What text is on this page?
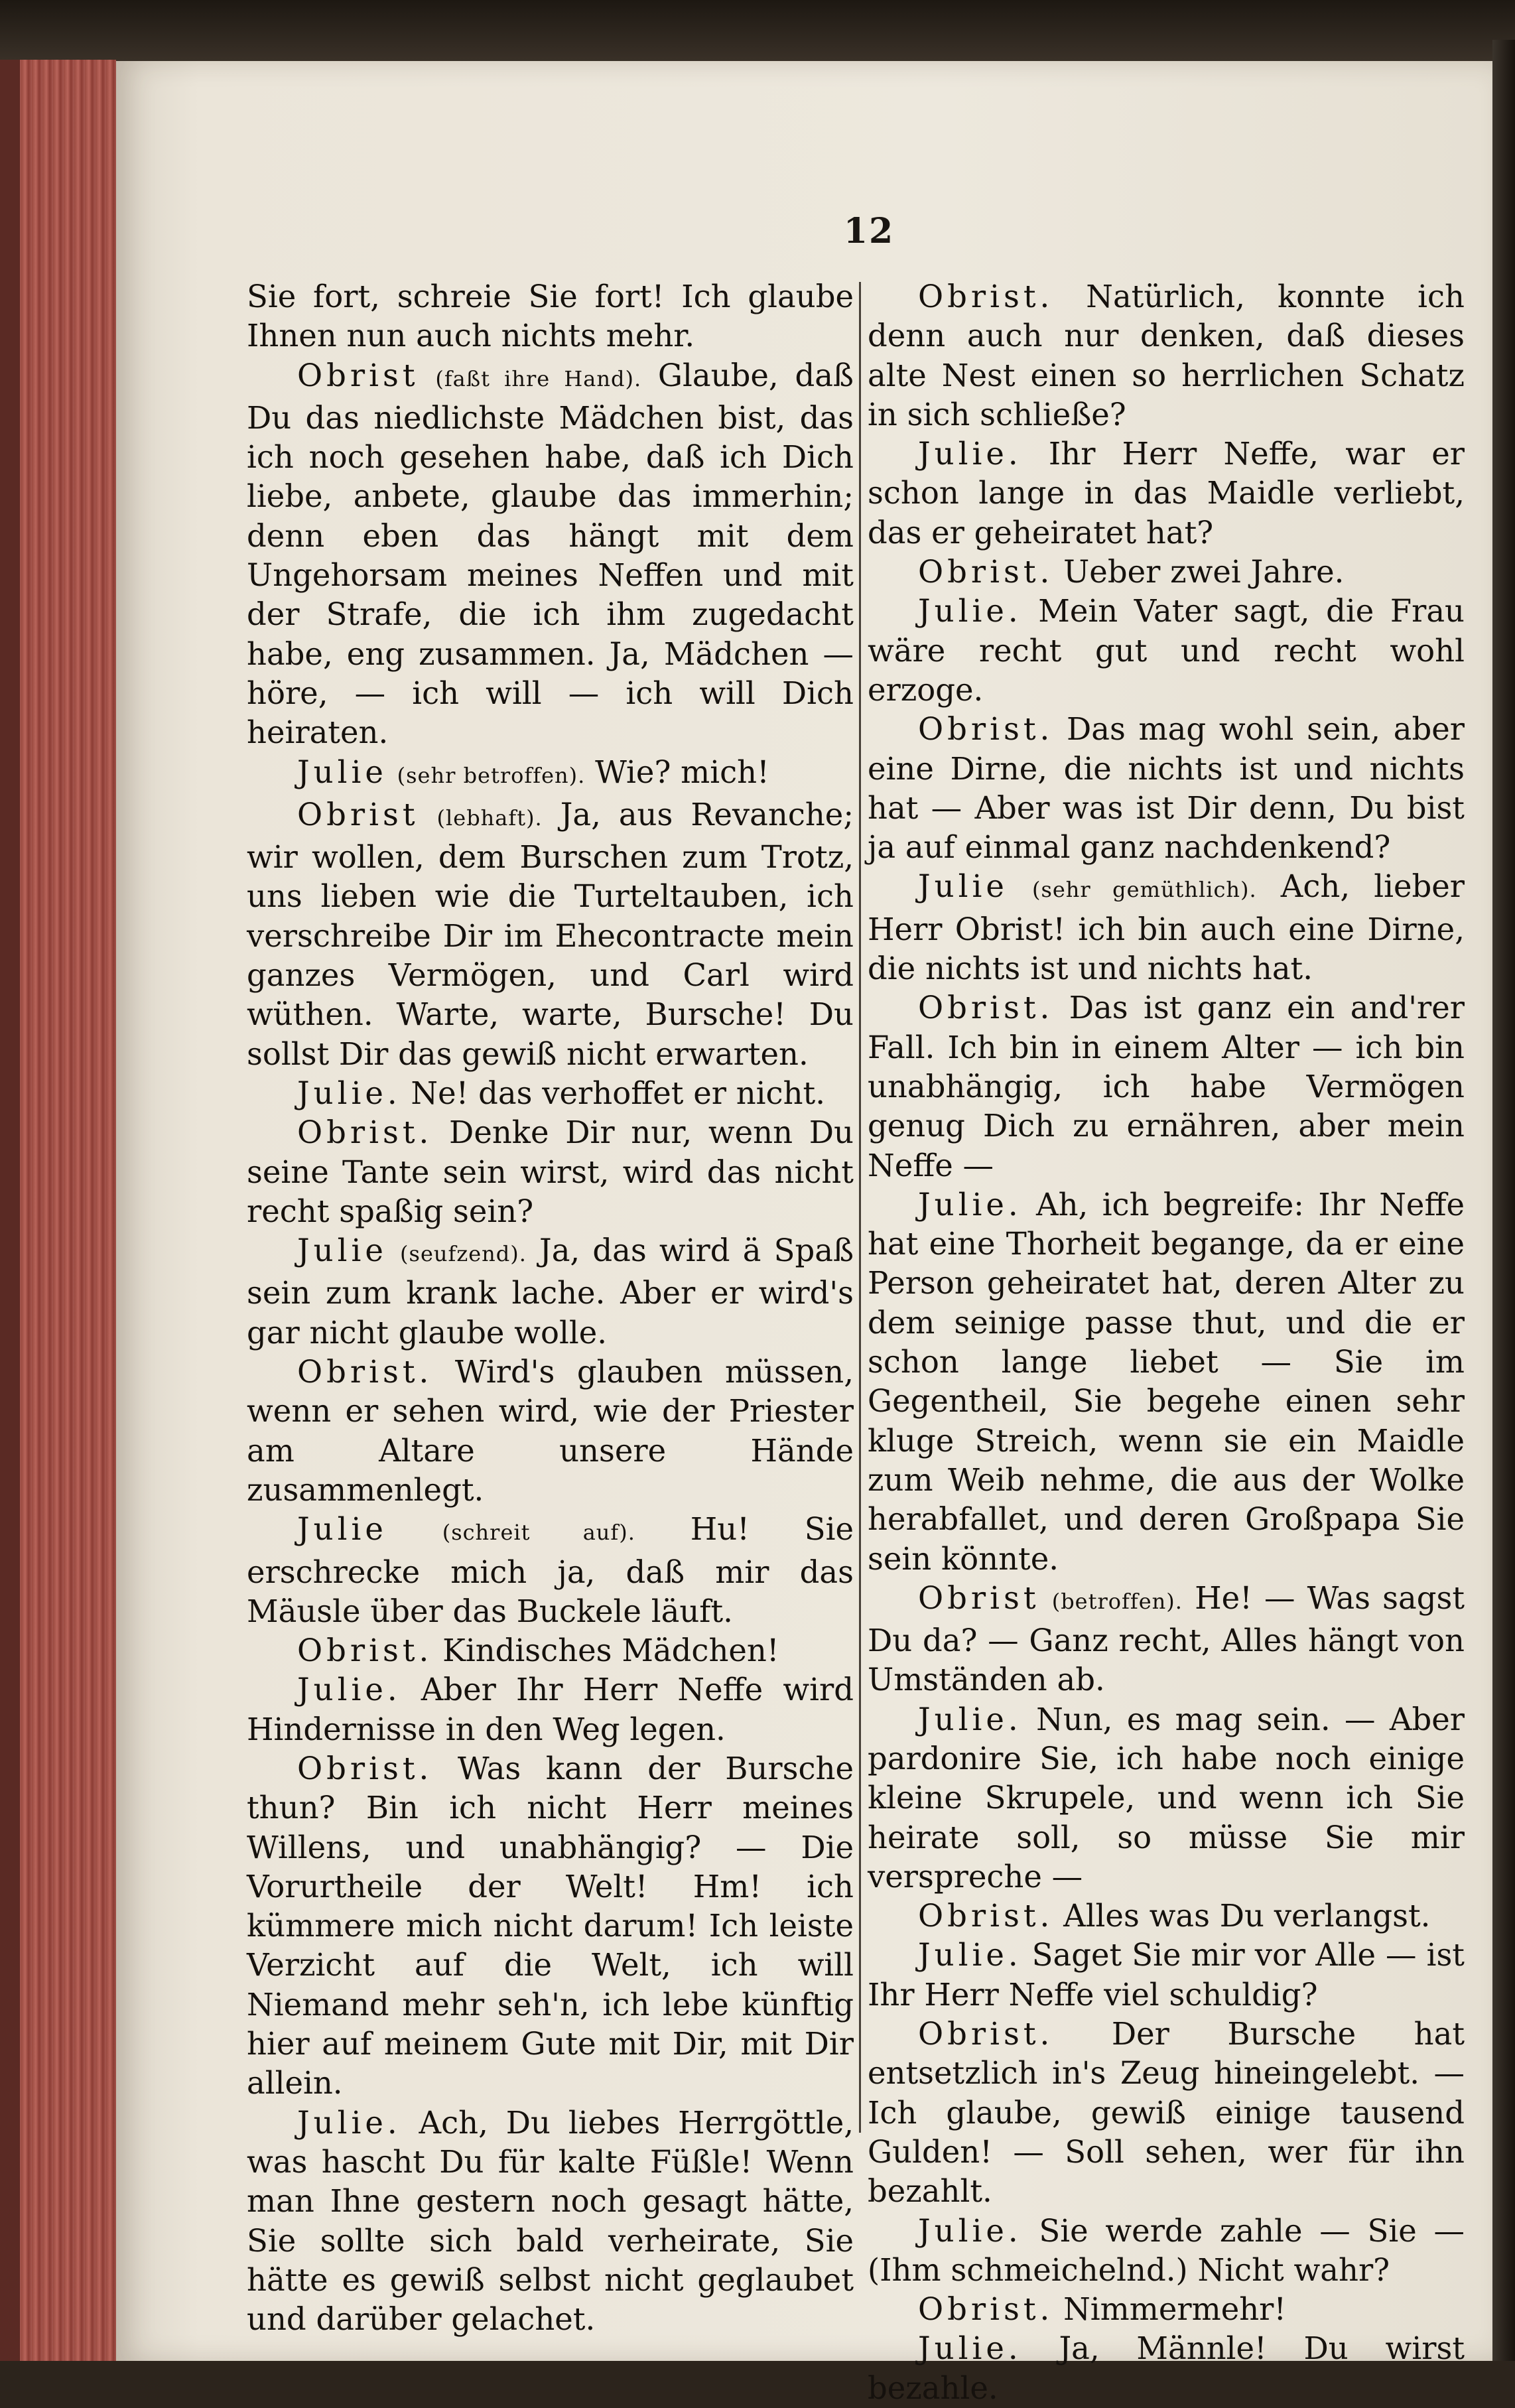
12

Sie fort, schreie Sie fort! Ich glaube Ihnen nun auch nichts mehr.

Obrist (faßt ihre Hand). Glaube, daß Du das niedlichste Mädchen bist, das ich noch gesehen habe, daß ich Dich liebe, anbete, glaube das immerhin; denn eben das hängt mit dem Ungehorsam meines Neffen und mit der Strafe, die ich ihm zugedacht habe, eng zusammen. Ja, Mädchen — höre, — ich will — ich will Dich heiraten.

Julie (sehr betroffen). Wie? mich!

Obrist (lebhaft). Ja, aus Revanche; wir wollen, dem Burschen zum Trotz, uns lieben wie die Turteltauben, ich verschreibe Dir im Ehecontracte mein ganzes Vermögen, und Carl wird wüthen. Warte, warte, Bursche! Du sollst Dir das gewiß nicht erwarten.

Julie. Ne! das verhoffet er nicht.

Obrist. Denke Dir nur, wenn Du seine Tante sein wirst, wird das nicht recht spaßig sein?

Julie (seufzend). Ja, das wird ä Spaß sein zum krank lache. Aber er wird's gar nicht glaube wolle.

Obrist. Wird's glauben müssen, wenn er sehen wird, wie der Priester am Altare unsere Hände zusammenlegt.

Julie	(schreit auf). Hu! Sie erschrecke mich ja, daß mir das Mäusle über das Buckele läuft.

Obrist. Kindisches Mädchen!

Julie. Aber Ihr Herr Neffe wird Hindernisse in den Weg legen.

Obrist. Was kann der Bursche thun? Bin ich nicht Herr meines Willens, und unabhängig? — Die Vorurtheile der Welt! Hm! ich kümmere mich nicht darum! Ich leiste Verzicht auf die Welt, ich will Niemand mehr seh'n, ich lebe künftig hier auf meinem Gute mit Dir, mit Dir allein.

Julie. Ach, Du liebes Herrgöttle, was hascht Du für kalte Füßle! Wenn man Ihne gestern noch gesagt hätte, Sie sollte sich bald verheirate, Sie hätte es gewiß selbst nicht geglaubet und darüber gelachet.

Obrist. Natürlich, konnte ich denn auch nur denken, daß dieses alte Nest einen so herrlichen Schatz in sich schließe?

Julie. Ihr Herr Neffe, war er schon lange in das Maidle verliebt, das er geheiratet hat?

Obrist. Ueber zwei Jahre.

Julie. Mein Vater sagt, die Frau wäre recht gut und recht wohl erzoge.

Obrist. Das mag wohl sein, aber eine Dirne, die nichts ist und nichts hat — Aber was ist Dir denn, Du bist ja auf einmal ganz nachdenkend?

Julie (sehr gemüthlich). Ach, lieber Herr Obrist! ich bin auch eine Dirne, die nichts ist und nichts hat.

Obrist. Das ist ganz ein and'rer Fall. Ich bin in einem Alter — ich bin unabhängig, ich habe Vermögen genug Dich zu ernähren, aber mein Neffe —

Julie. Ah, ich begreife: Ihr Neffe hat eine Thorheit begange, da er eine Person geheiratet hat, deren Alter zu dem seinige passe thut, und die er schon lange liebet — Sie im Gegentheil, Sie begehe einen sehr kluge Streich, wenn sie ein Maidle zum Weib nehme, die aus der Wolke herabfallet, und deren Großpapa Sie sein könnte.

Obrist (betroffen). He! — Was sagst Du da? — Ganz recht, Alles hängt von Umständen ab.

Julie. Nun, es mag sein. — Aber pardonire Sie, ich habe noch einige kleine Skrupele, und wenn ich Sie heirate soll, so müsse Sie mir verspreche —

Obrist. Alles was Du verlangst.

Julie. Saget Sie mir vor Alle — ist Ihr Herr Neffe viel schuldig?

Obrist. Der Bursche hat entsetzlich in's Zeug hineingelebt. — Ich glaube, gewiß einige tausend Gulden! — Soll sehen, wer für ihn bezahlt.

Julie. Sie werde zahle — Sie — (Ihm schmeichelnd.) Nicht wahr?

Obrist. Nimmermehr!

Julie. Ja, Männle! Du wirst bezahle.
